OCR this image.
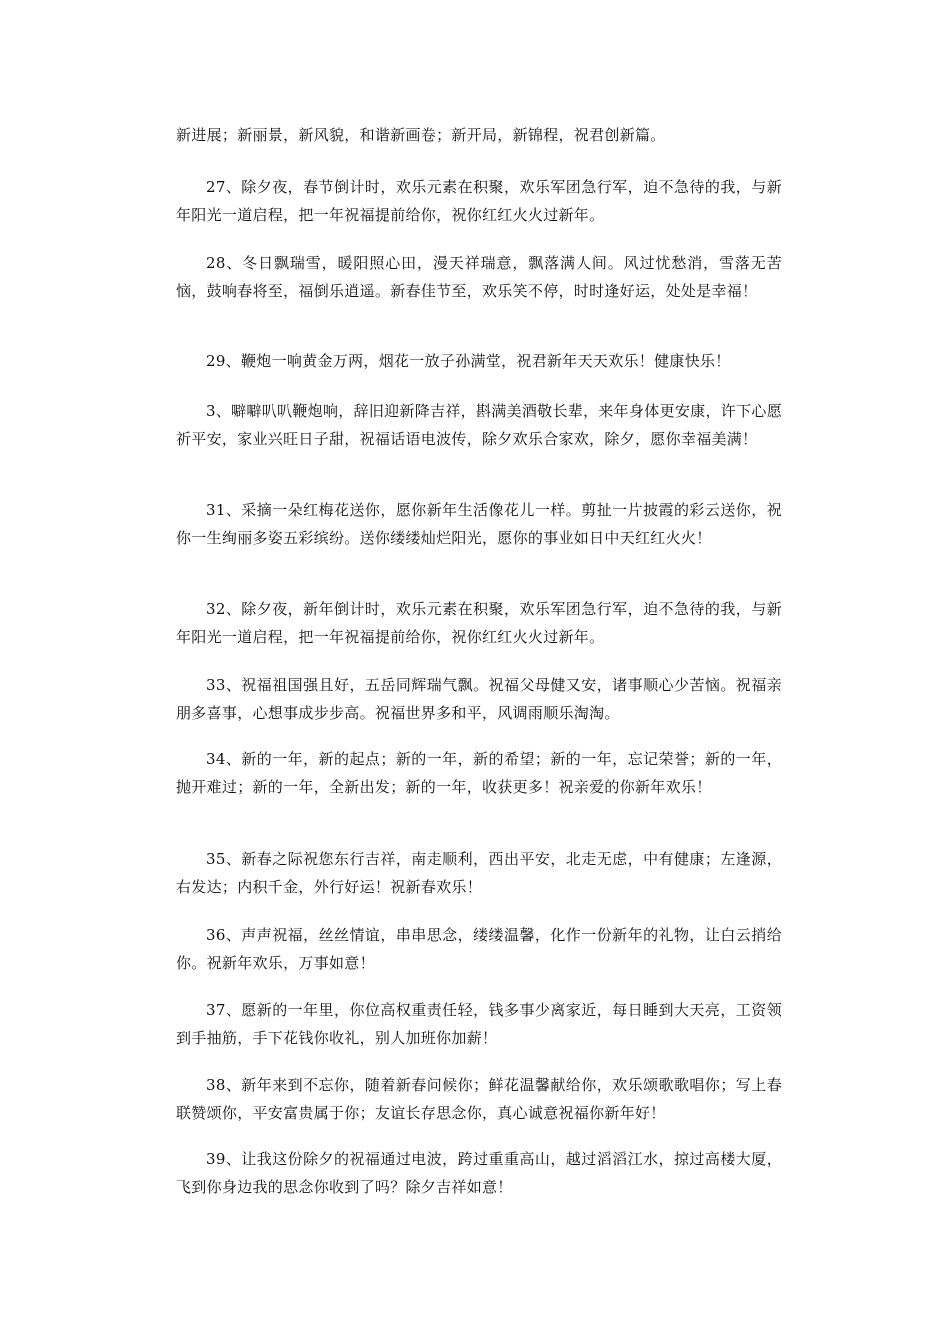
新进展；新丽景，新风貌，和谐新画卷；新开局，新锦程，祝君创新篇。

27、除夕夜，春节倒计时，欢乐元素在积聚，欢乐军团急行军，迫不急待的我，与新年阳光一道启程，把一年祝福提前给你，祝你红红火火过新年。

28、冬日飘瑞雪，暖阳照心田，漫天祥瑞意，飘落满人间。风过忧愁消，雪落无苦恼，鼓响春将至，福倒乐逍遥。新春佳节至，欢乐笑不停，时时逢好运，处处是幸福！

29、鞭炮一响黄金万两，烟花一放子孙满堂，祝君新年天天欢乐！健康快乐！

3、噼噼叭叭鞭炮响，辞旧迎新降吉祥，斟满美酒敬长辈，来年身体更安康，许下心愿祈平安，家业兴旺日子甜，祝福话语电波传，除夕欢乐合家欢，除夕，愿你幸福美满！

31、采摘一朵红梅花送你，愿你新年生活像花儿一样。剪扯一片披霞的彩云送你，祝你一生绚丽多姿五彩缤纷。送你缕缕灿烂阳光，愿你的事业如日中天红红火火！

32、除夕夜，新年倒计时，欢乐元素在积聚，欢乐军团急行军，迫不急待的我，与新年阳光一道启程，把一年祝福提前给你，祝你红红火火过新年。

33、祝福祖国强且好，五岳同辉瑞气飘。祝福父母健又安，诸事顺心少苦恼。祝福亲朋多喜事，心想事成步步高。祝福世界多和平，风调雨顺乐淘淘。

34、新的一年，新的起点；新的一年，新的希望；新的一年，忘记荣誉；新的一年，抛开难过；新的一年，全新出发；新的一年，收获更多！祝亲爱的你新年欢乐！

35、新春之际祝您东行吉祥，南走顺利，西出平安，北走无虑，中有健康；左逢源，右发达；内积千金，外行好运！祝新春欢乐！

36、声声祝福，丝丝情谊，串串思念，缕缕温馨，化作一份新年的礼物，让白云捎给你。祝新年欢乐，万事如意！

37、愿新的一年里，你位高权重责任轻，钱多事少离家近，每日睡到大天亮，工资领到手抽筋，手下花钱你收礼，别人加班你加薪！

38、新年来到不忘你，随着新春问候你；鲜花温馨献给你，欢乐颂歌歌唱你；写上春联赞颂你，平安富贵属于你；友谊长存思念你，真心诚意祝福你新年好！

39、让我这份除夕的祝福通过电波，跨过重重高山，越过滔滔江水，掠过高楼大厦，飞到你身边我的思念你收到了吗？除夕吉祥如意！
